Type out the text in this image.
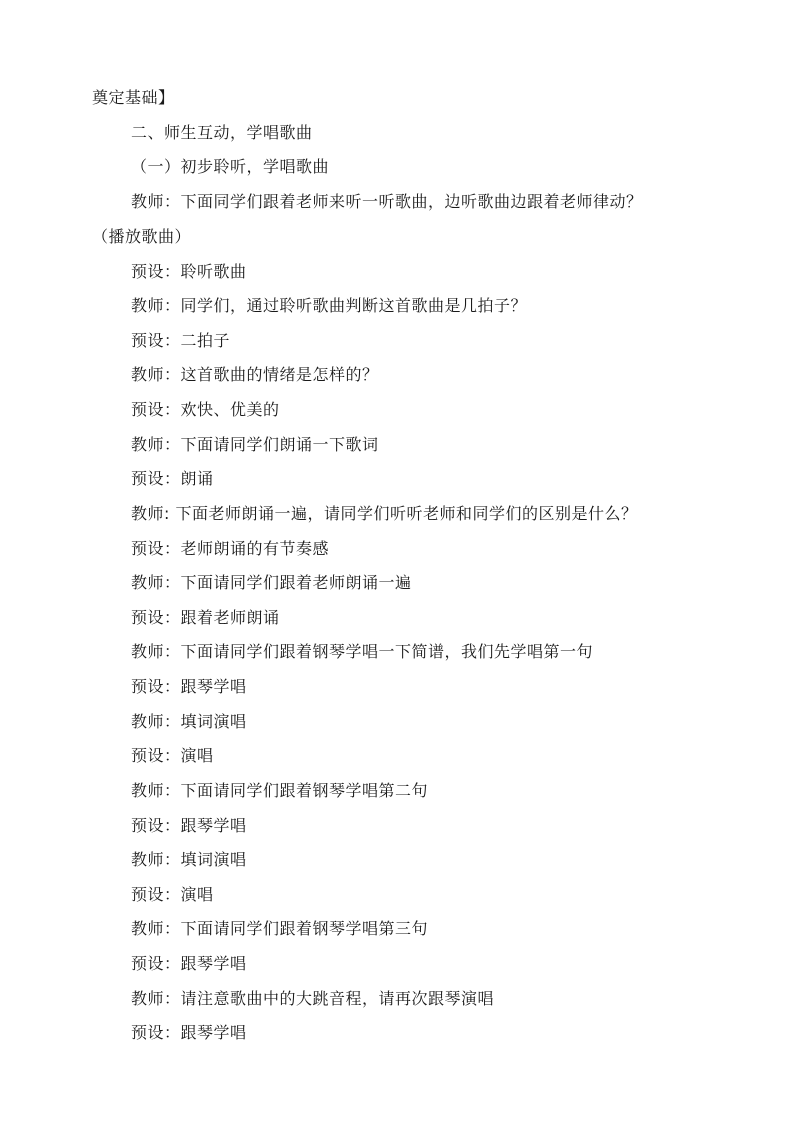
奠定基础】
二、师生互动，学唱歌曲
（一）初步聆听，学唱歌曲
教师：下面同学们跟着老师来听一听歌曲，边听歌曲边跟着老师律动？
（播放歌曲）
预设：聆听歌曲
教师：同学们，通过聆听歌曲判断这首歌曲是几拍子？
预设：二拍子
教师：这首歌曲的情绪是怎样的？
预设：欢快、优美的
教师：下面请同学们朗诵一下歌词
预设：朗诵
教师: 下面老师朗诵一遍，请同学们听听老师和同学们的区别是什么？
预设：老师朗诵的有节奏感
教师：下面请同学们跟着老师朗诵一遍
预设：跟着老师朗诵
教师：下面请同学们跟着钢琴学唱一下简谱，我们先学唱第一句
预设：跟琴学唱
教师：填词演唱
预设：演唱
教师：下面请同学们跟着钢琴学唱第二句
预设：跟琴学唱
教师：填词演唱
预设：演唱
教师：下面请同学们跟着钢琴学唱第三句
预设：跟琴学唱
教师：请注意歌曲中的大跳音程，请再次跟琴演唱
预设：跟琴学唱
